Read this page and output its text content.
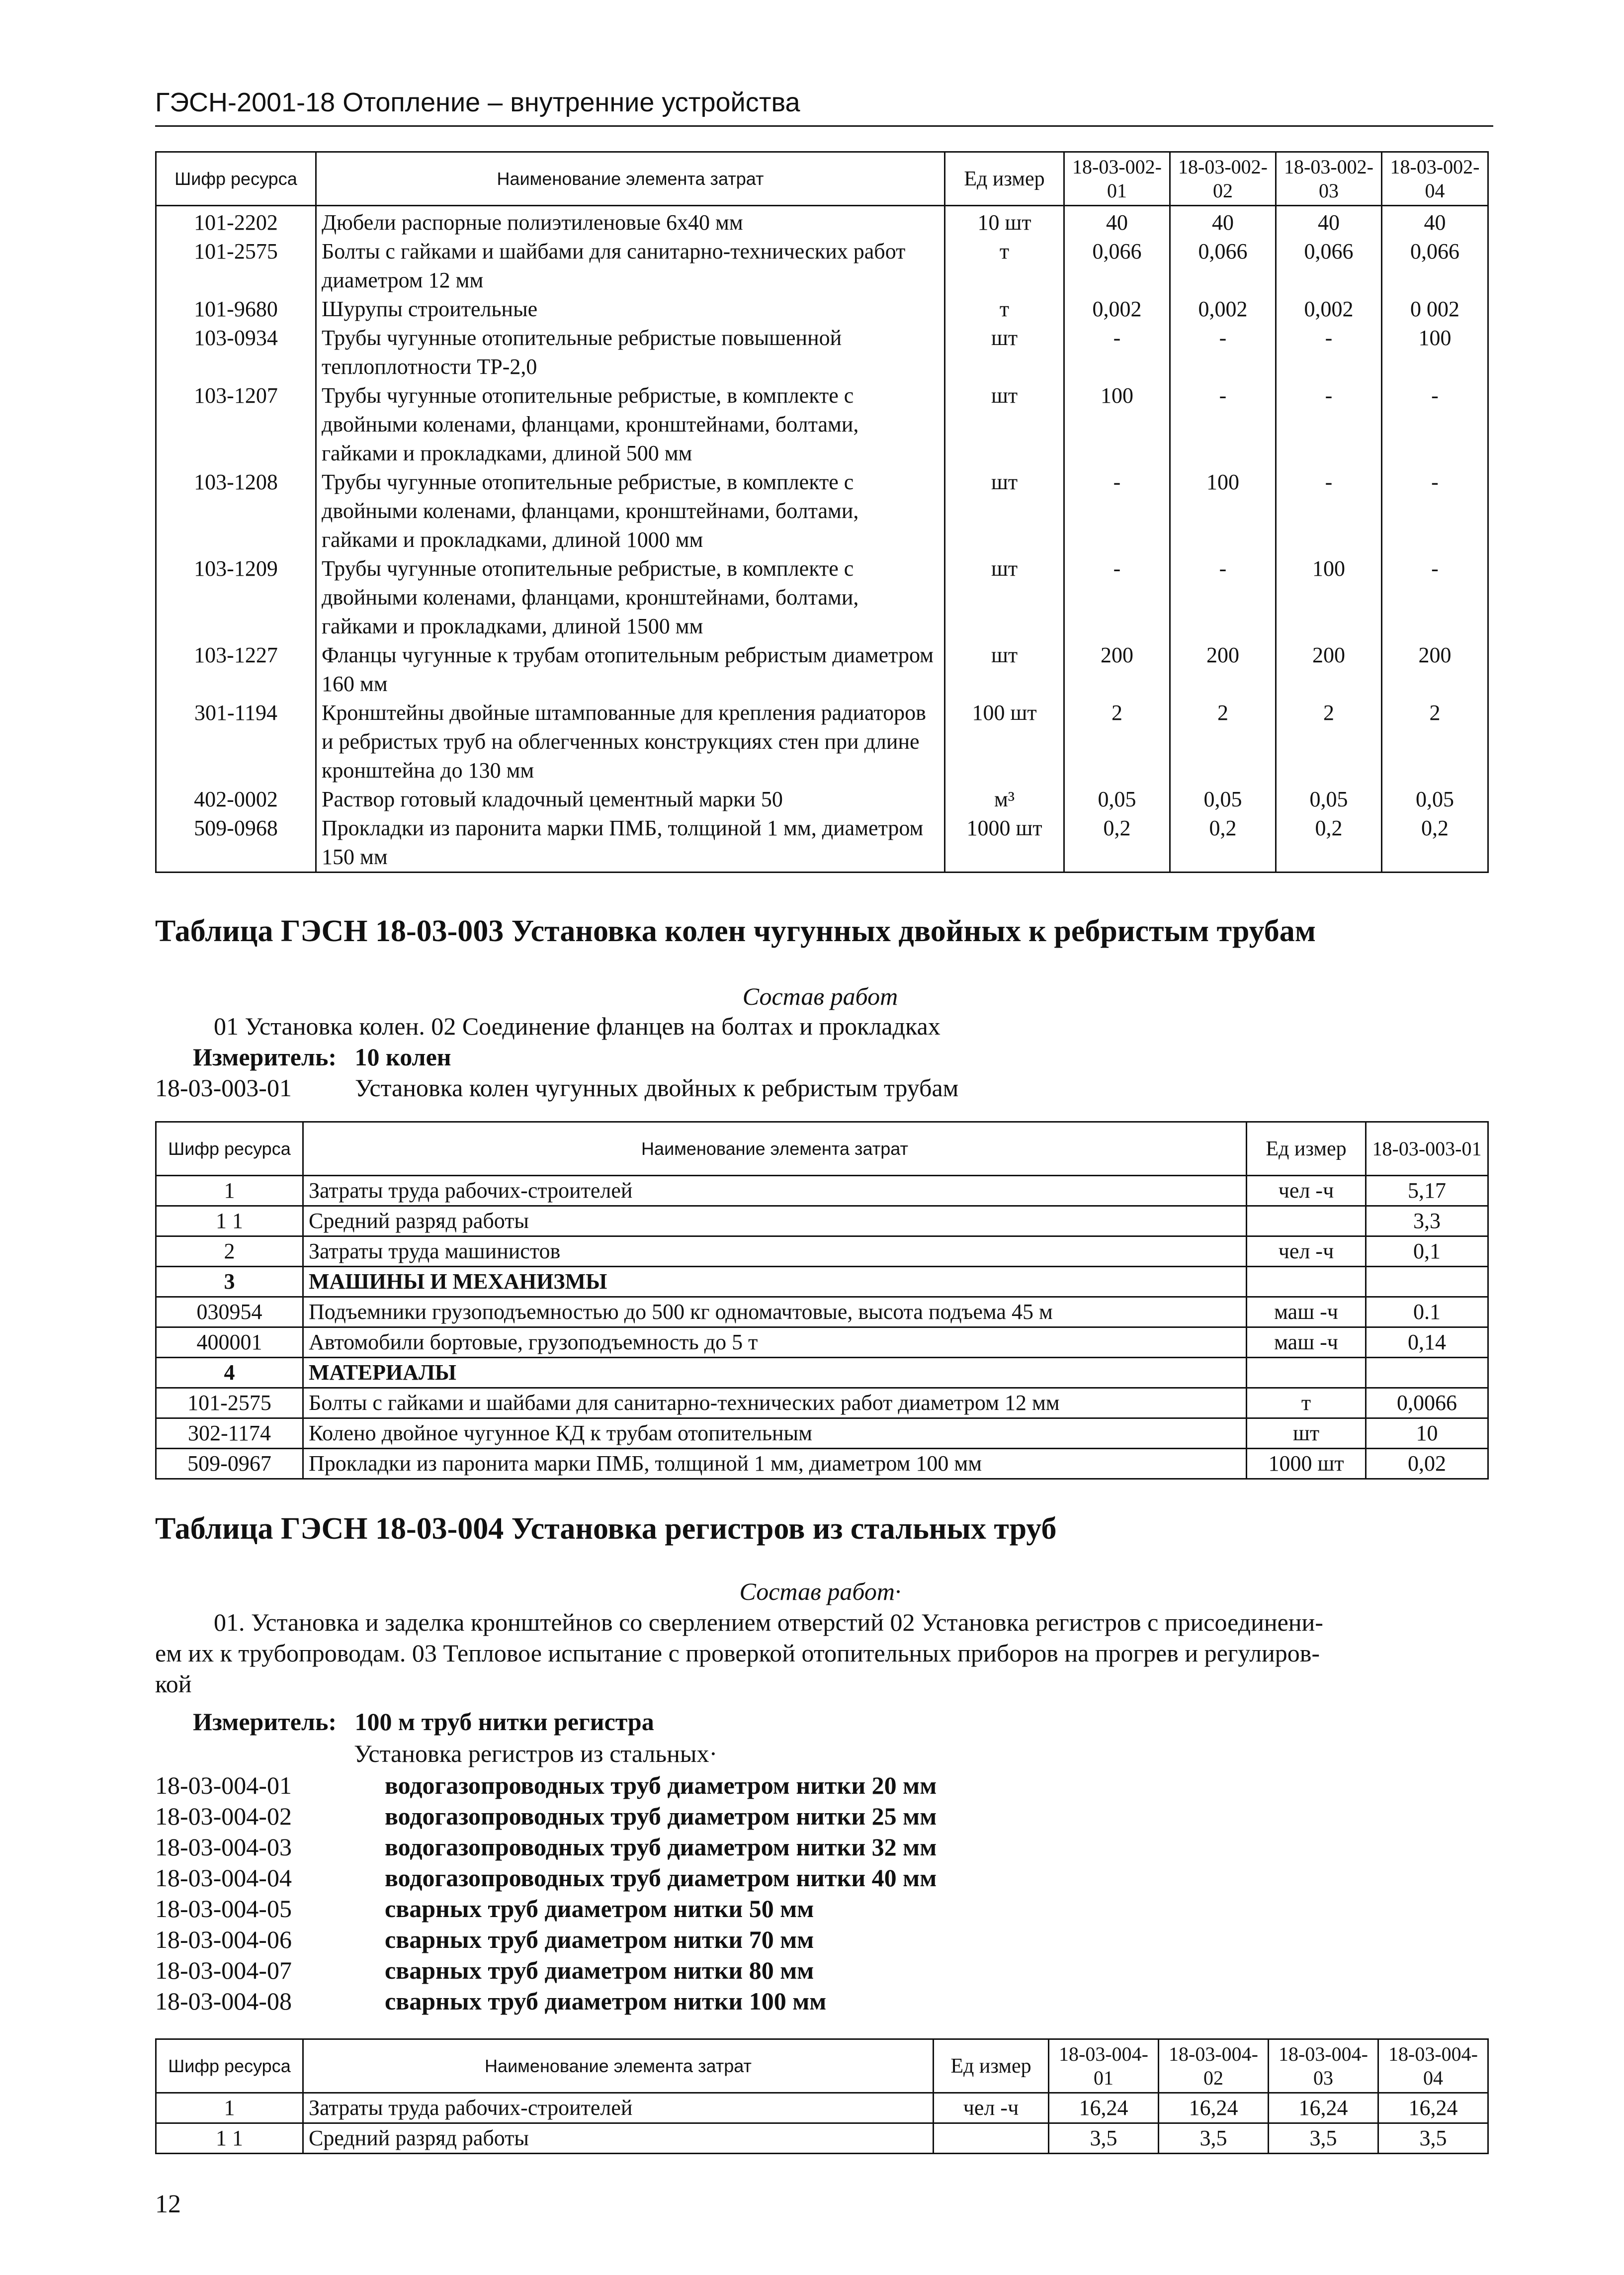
ГЭСН-2001-18 Отопление – внутренние устройства
Шифр ресурса	Наименование элемента затрат	Ед измер	18-03-002-01	18-03-002-02	18-03-002-03	18-03-002-04
101-2202	Дюбели распорные полиэтиленовые 6х40 мм	10 шт	40	40	40	40
101-2575	Болты с гайками и шайбами для санитарно-технических работ диаметром 12 мм	т	0,066	0,066	0,066	0,066
101-9680	Шурупы строительные	т	0,002	0,002	0,002	0 002
103-0934	Трубы чугунные отопительные ребристые повышенной теплоплотности ТР-2,0	шт	-	-	-	100
103-1207	Трубы чугунные отопительные ребристые, в комплекте с двойными коленами, фланцами, кронштейнами, болтами, гайками и прокладками, длиной 500 мм	шт	100	-	-	-
103-1208	Трубы чугунные отопительные ребристые, в комплекте с двойными коленами, фланцами, кронштейнами, болтами, гайками и прокладками, длиной 1000 мм	шт	-	100	-	-
103-1209	Трубы чугунные отопительные ребристые, в комплекте с двойными коленами, фланцами, кронштейнами, болтами, гайками и прокладками, длиной 1500 мм	шт	-	-	100	-
103-1227	Фланцы чугунные к трубам отопительным ребристым диаметром 160 мм	шт	200	200	200	200
301-1194	Кронштейны двойные штампованные для крепления радиаторов и ребристых труб на облегченных конструкциях стен при длине кронштейна до 130 мм	100 шт	2	2	2	2
402-0002	Раствор готовый кладочный цементный марки 50	м³	0,05	0,05	0,05	0,05
509-0968	Прокладки из паронита марки ПМБ, толщиной 1 мм, диаметром 150 мм	1000 шт	0,2	0,2	0,2	0,2
Таблица ГЭСН 18-03-003 Установка колен чугунных двойных к ребристым трубам
Состав работ
01 Установка колен. 02 Соединение фланцев на болтах и прокладках
Измеритель: 10 колен
18-03-003-01	Установка колен чугунных двойных к ребристым трубам
Шифр ресурса	Наименование элемента затрат	Ед измер	18-03-003-01
1	Затраты труда рабочих-строителей	чел -ч	5,17
1 1	Средний разряд работы		3,3
2	Затраты труда машинистов	чел -ч	0,1
3	МАШИНЫ И МЕХАНИЗМЫ		
030954	Подъемники грузоподъемностью до 500 кг одномачтовые, высота подъема 45 м	маш -ч	0.1
400001	Автомобили бортовые, грузоподъемность до 5 т	маш -ч	0,14
4	МАТЕРИАЛЫ		
101-2575	Болты с гайками и шайбами для санитарно-технических работ диаметром 12 мм	т	0,0066
302-1174	Колено двойное чугунное КД к трубам отопительным	шт	10
509-0967	Прокладки из паронита марки ПМБ, толщиной 1 мм, диаметром 100 мм	1000 шт	0,02
Таблица ГЭСН 18-03-004 Установка регистров из стальных труб
Состав работ·
01. Установка и заделка кронштейнов со сверлением отверстий 02 Установка регистров с присоединени-
ем их к трубопроводам. 03 Тепловое испытание с проверкой отопительных приборов на прогрев и регулиров-
кой
Измеритель: 100 м труб нитки регистра
Установка регистров из стальных·
18-03-004-01	водогазопроводных труб диаметром нитки 20 мм
18-03-004-02	водогазопроводных труб диаметром нитки 25 мм
18-03-004-03	водогазопроводных труб диаметром нитки 32 мм
18-03-004-04	водогазопроводных труб диаметром нитки 40 мм
18-03-004-05	сварных труб диаметром нитки 50 мм
18-03-004-06	сварных труб диаметром нитки 70 мм
18-03-004-07	сварных труб диаметром нитки 80 мм
18-03-004-08	сварных труб диаметром нитки 100 мм
Шифр ресурса	Наименование элемента затрат	Ед измер	18-03-004-01	18-03-004-02	18-03-004-03	18-03-004-04
1	Затраты труда рабочих-строителей	чел -ч	16,24	16,24	16,24	16,24
1 1	Средний разряд работы		3,5	3,5	3,5	3,5
12
